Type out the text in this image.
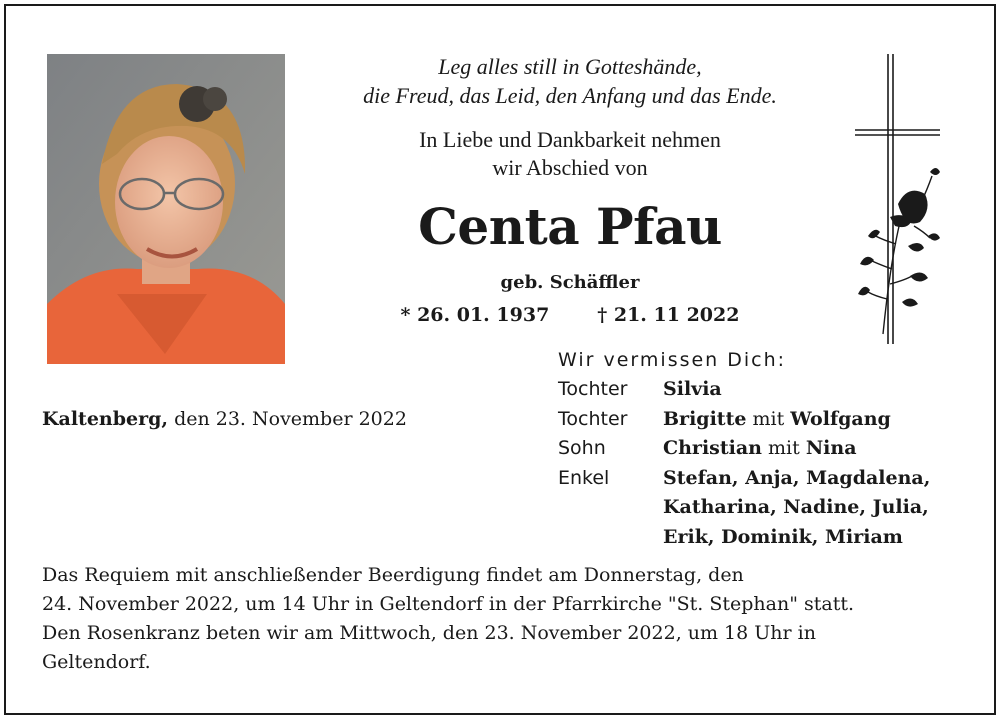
Leg alles still in Gotteshände,
die Freud, das Leid, den Anfang und das Ende.
In Liebe und Dankbarkeit nehmen
wir Abschied von
Centa Pfau
geb. Schäffler
* 26. 01. 1937	† 21. 11 2022
Wir vermissen Dich:
Tochter Silvia
Tochter Brigitte mit Wolfgang
Sohn	Christian mit Nina
Enkel	Stefan, Anja, Magdalena,
Katharina, Nadine, Julia,
Erik, Dominik, Miriam
Kaltenberg, den 23. November 2022
Das Requiem mit anschließender Beerdigung findet am Donnerstag, den
24. November 2022, um 14 Uhr in Geltendorf in der Pfarrkirche "St. Stephan" statt.
Den Rosenkranz beten wir am Mittwoch, den 23. November 2022, um 18 Uhr in
Geltendorf.
